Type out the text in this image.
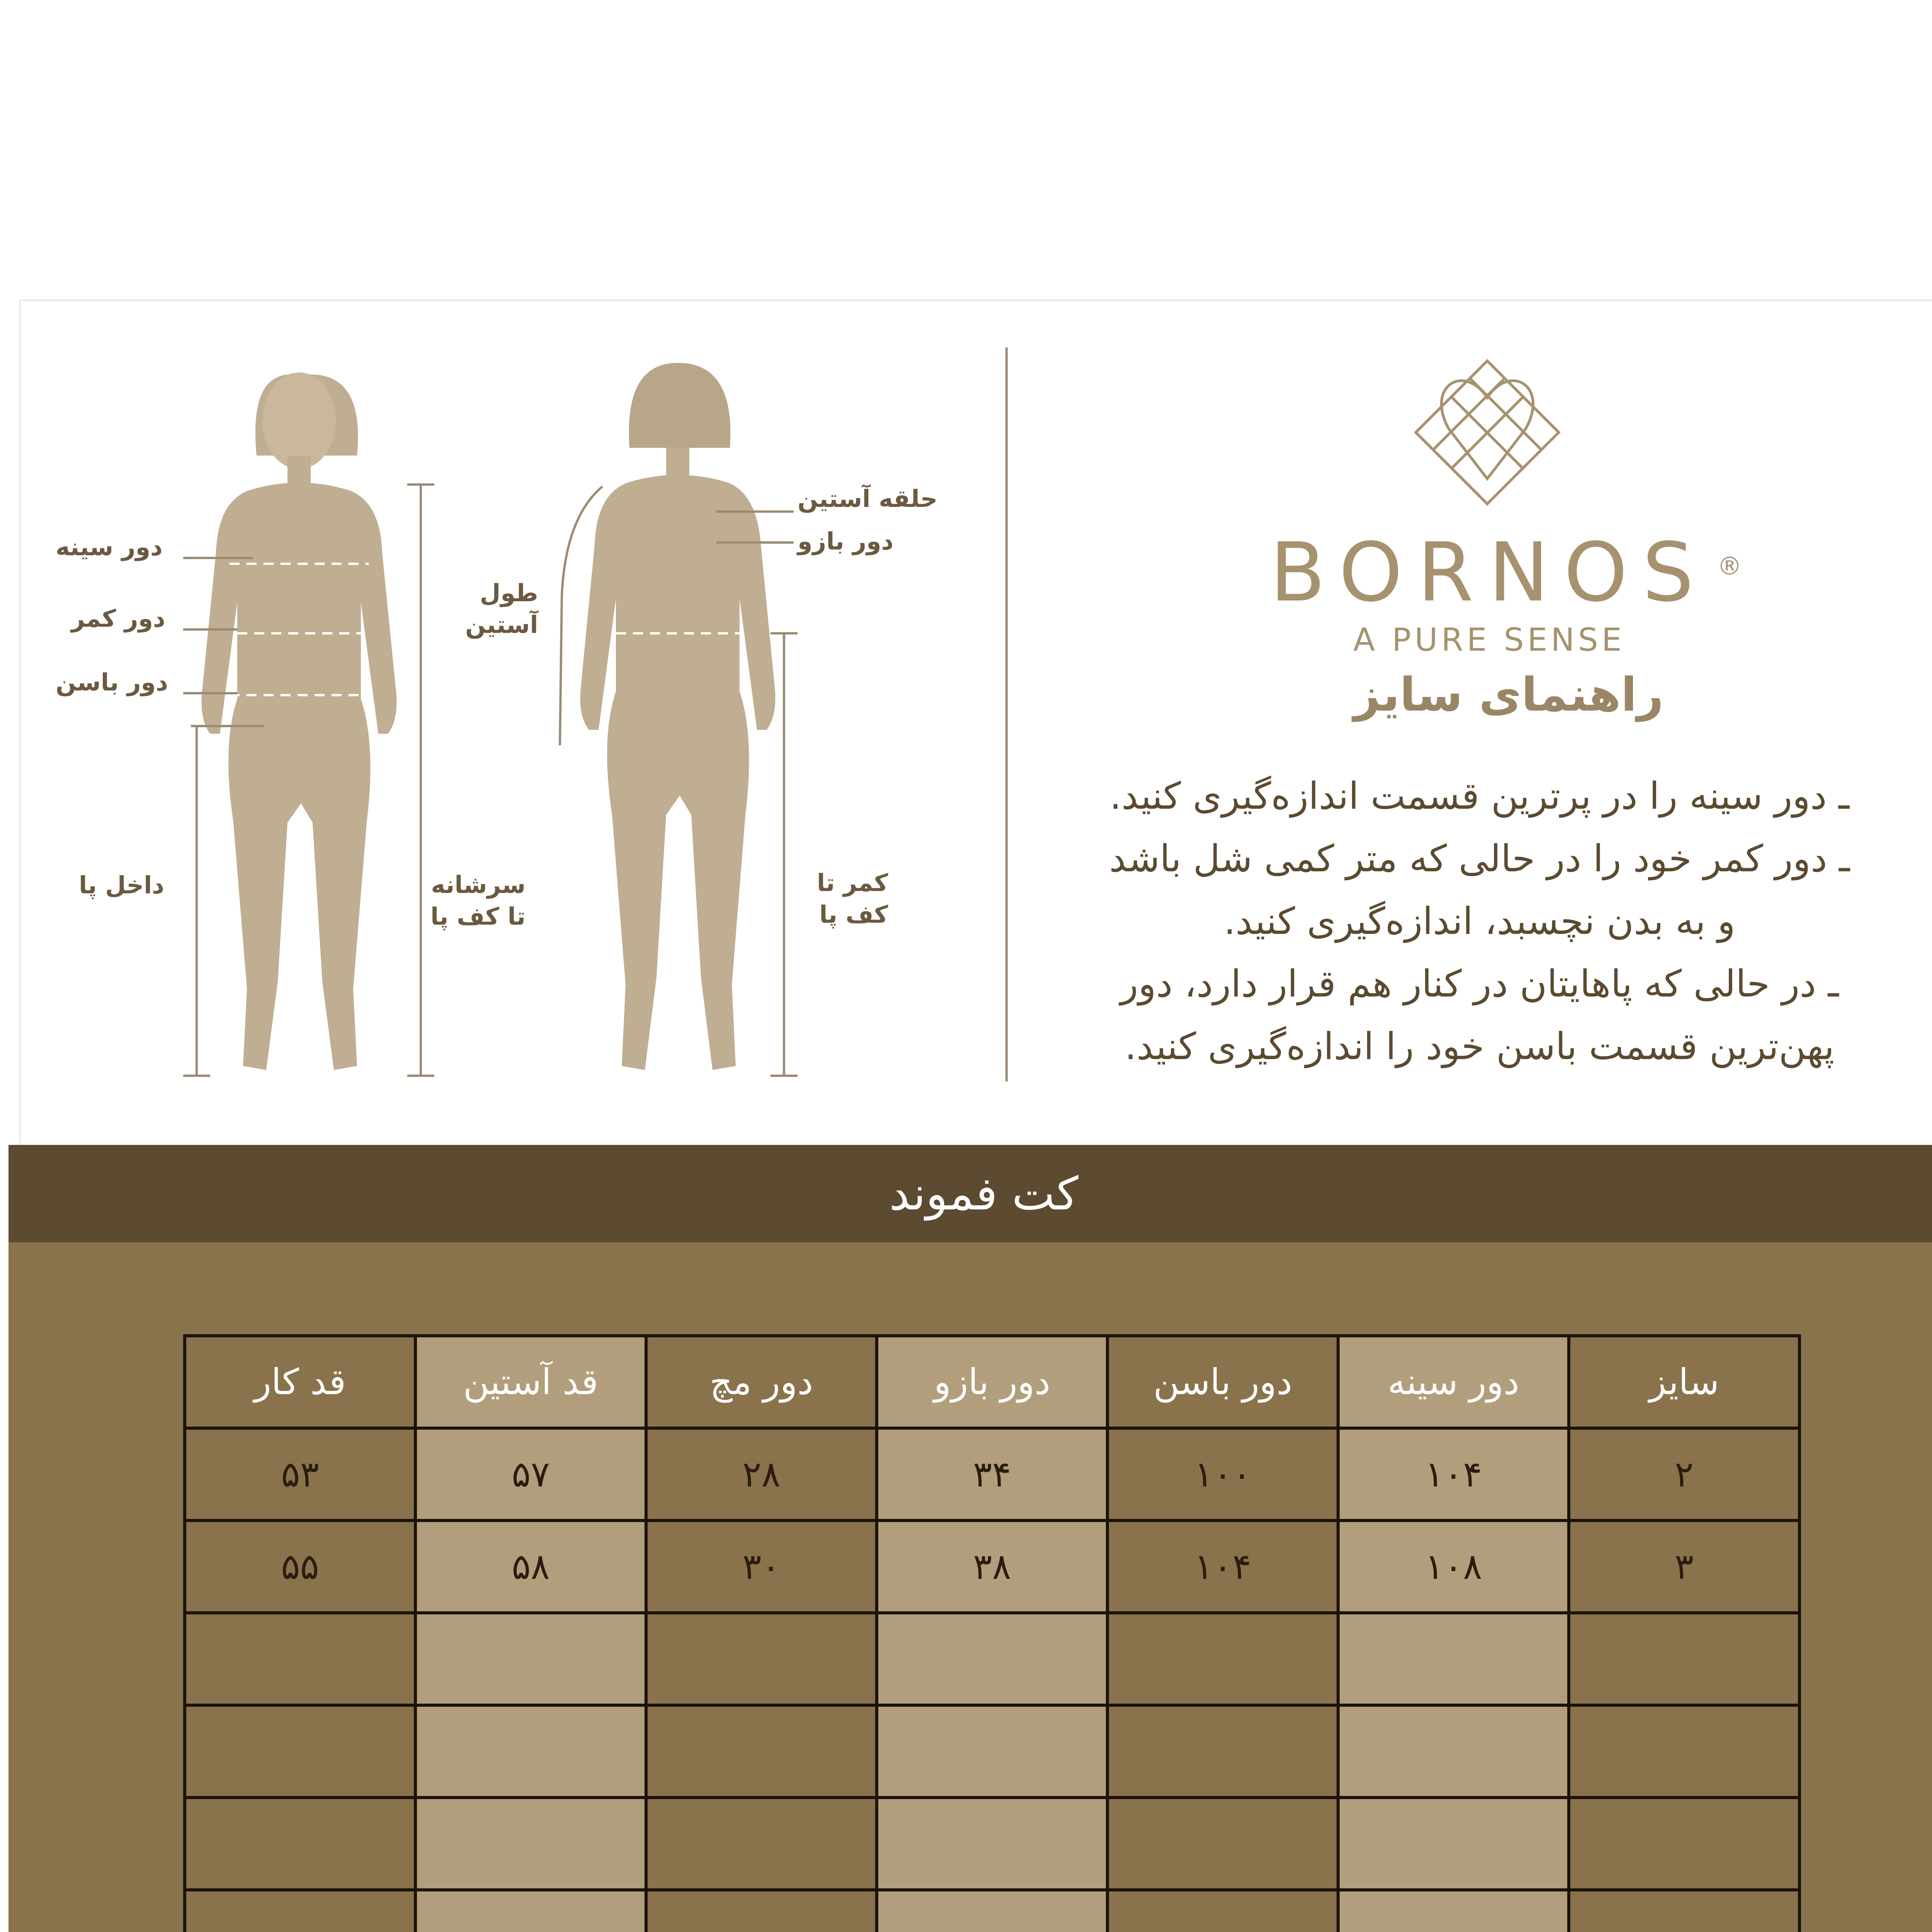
دور سینه
دور کمر
دور باسن
داخل پا	سرشانه
تا کف پا
حلقه آستین
دور بازو
طول
آستین
کمر تا
کف پا
BORNOS ®
A PURE SENSE
راهنمای سایز
ـ دور سینه را در پرترین قسمت اندازه‌گیری کنید.
ـ دور کمر خود را در حالی که متر کمی شل باشد
و به بدن نچسبد، اندازه‌گیری کنید.
ـ در حالی که پاهایتان در کنار هم قرار دارد، دور
پهن‌ترین قسمت باسن خود را اندازه‌گیری کنید.
کت فموند
سایز	دور سینه	دور باسن	دور بازو	دور مچ	قد آستین	قد کار
۲	۱۰۴	۱۰۰	۳۴	۲۸	۵۷	۵۳
۳	۱۰۸	۱۰۴	۳۸	۳۰	۵۸	۵۵
